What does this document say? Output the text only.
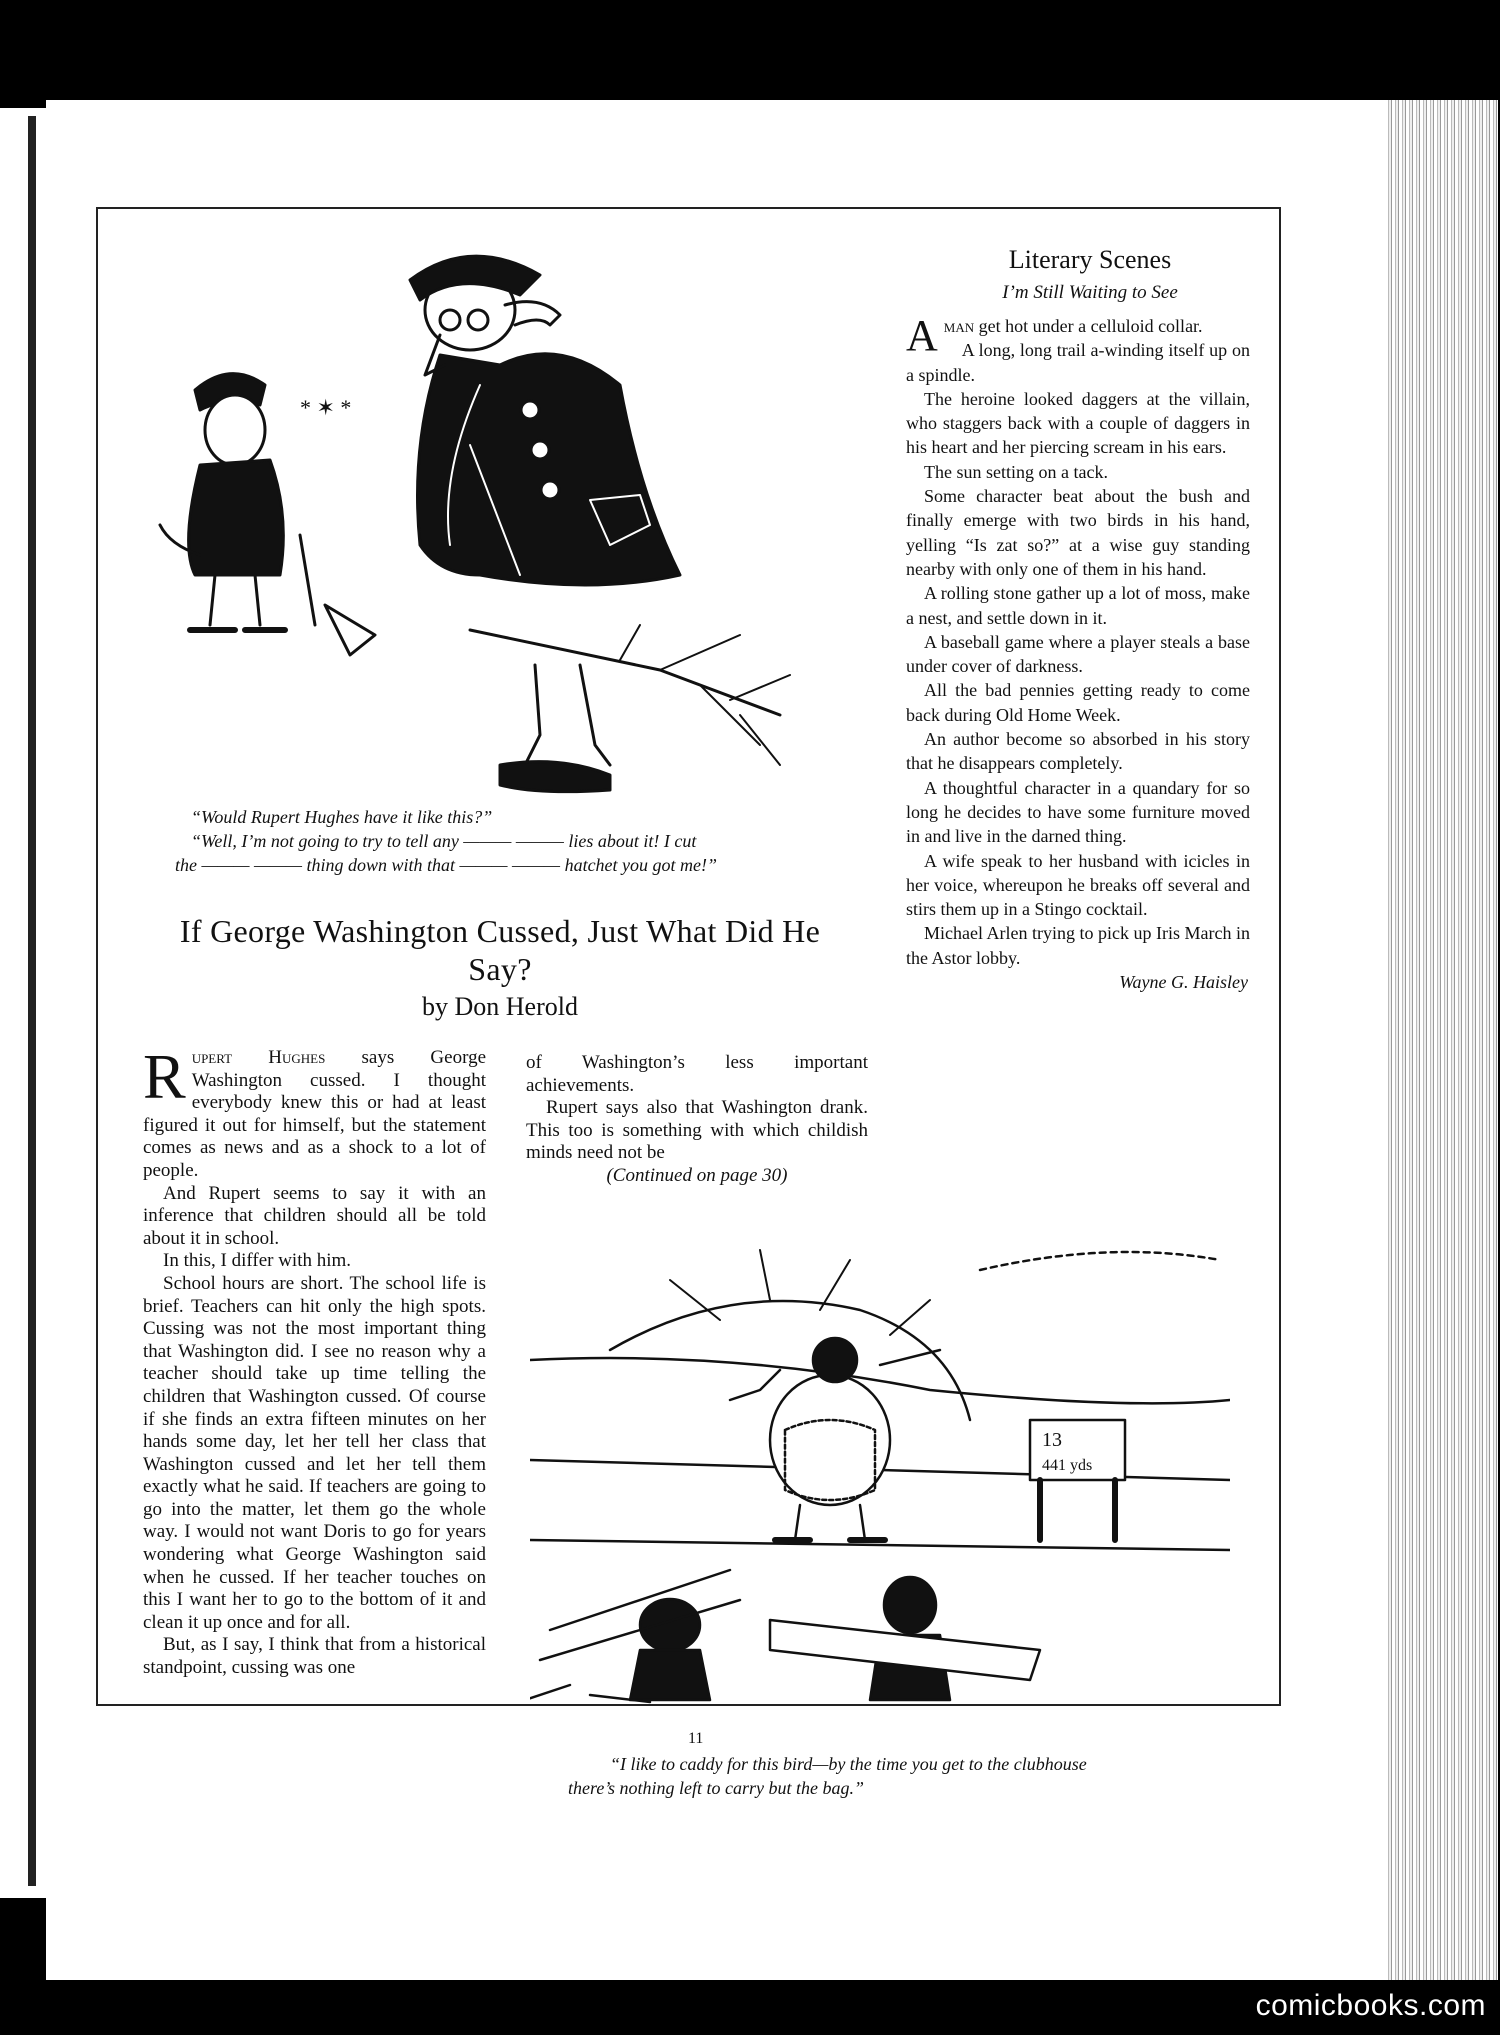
* ✶ *
“Would Rupert Hughes have it like this?”
“Well, I’m not going to try to tell any ——— ——— lies about it! I cut
the ——— ——— thing down with that ——— ——— hatchet you got me!”
If George Washington Cussed, Just What Did He Say?
by Don Herold

Rupert Hughes says George Washington cussed. I thought everybody knew this or had at least figured it out for himself, but the statement comes as news and as a shock to a lot of people.

And Rupert seems to say it with an inference that children should all be told about it in school.

In this, I differ with him.

School hours are short. The school life is brief. Teachers can hit only the high spots. Cussing was not the most important thing that Washington did. I see no reason why a teacher should take up time telling the children that Washington cussed. Of course if she finds an extra fifteen minutes on her hands some day, let her tell her class that Washington cussed and let her tell them exactly what he said. If teachers are going to go into the matter, let them go the whole way. I would not want Doris to go for years wondering what George Washington said when he cussed. If her teacher touches on this I want her to go to the bottom of it and clean it up once and for all.

But, as I say, I think that from a historical standpoint, cussing was one

of Washington’s less important achievements.

Rupert says also that Washington drank. This too is something with which childish minds need not be

(Continued on page 30)
Literary Scenes
I’m Still Waiting to See

Aman get hot under a celluloid collar.

A long, long trail a-winding itself up on a spindle.

The heroine looked daggers at the villain, who staggers back with a couple of daggers in his heart and her piercing scream in his ears.

The sun setting on a tack.

Some character beat about the bush and finally emerge with two birds in his hand, yelling “Is zat so?” at a wise guy standing nearby with only one of them in his hand.

A rolling stone gather up a lot of moss, make a nest, and settle down in it.

A baseball game where a player steals a base under cover of darkness.

All the bad pennies getting ready to come back during Old Home Week.

An author become so absorbed in his story that he disappears completely.

A thoughtful character in a quandary for so long he decides to have some furniture moved in and live in the darned thing.

A wife speak to her husband with icicles in her voice, whereupon he breaks off several and stirs them up in a Stingo cocktail.

Michael Arlen trying to pick up Iris March in the Astor lobby.

Wayne G. Haisley
13
441 yds
“I like to caddy for this bird—by the time you get to the clubhouse
there’s nothing left to carry but the bag.”
11
comicbooks.com
